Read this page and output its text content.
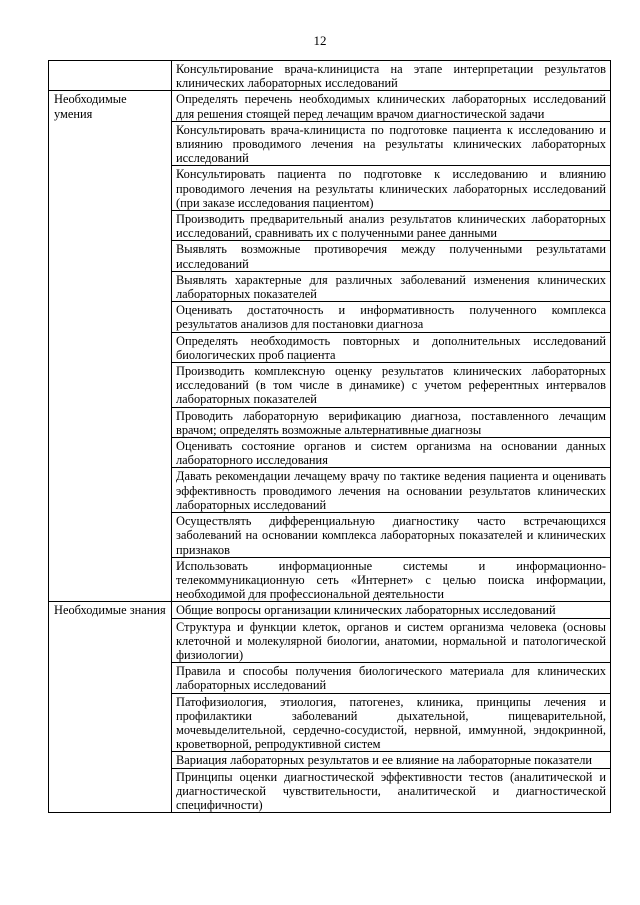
12
	Консультирование врача-клинициста на этапе интерпретации результатов клинических лабораторных исследований
Необходимые умения	Определять перечень необходимых клинических лабораторных исследований для решения стоящей перед лечащим врачом диагностической задачи
	Консультировать врача-клинициста по подготовке пациента к исследованию и влиянию проводимого лечения на результаты клинических лабораторных исследований
	Консультировать пациента по подготовке к исследованию и влиянию проводимого лечения на результаты клинических лабораторных исследований (при заказе исследования пациентом)
	Производить предварительный анализ результатов клинических лабораторных исследований, сравнивать их с полученными ранее данными
	Выявлять возможные противоречия между полученными результатами исследований
	Выявлять характерные для различных заболеваний изменения клинических лабораторных показателей
	Оценивать достаточность и информативность полученного комплекса результатов анализов для постановки диагноза
	Определять необходимость повторных и дополнительных исследований биологических проб пациента
	Производить комплексную оценку результатов клинических лабораторных исследований (в том числе в динамике) с учетом референтных интервалов лабораторных показателей
	Проводить лабораторную верификацию диагноза, поставленного лечащим врачом; определять возможные альтернативные диагнозы
	Оценивать состояние органов и систем организма на основании данных лабораторного исследования
	Давать рекомендации лечащему врачу по тактике ведения пациента и оценивать эффективность проводимого лечения на основании результатов клинических лабораторных исследований
	Осуществлять дифференциальную диагностику часто встречающихся заболеваний на основании комплекса лабораторных показателей и клинических признаков
	Использовать информационные системы и информационно-телекоммуникационную сеть «Интернет» с целью поиска информации, необходимой для профессиональной деятельности
Необходимые знания	Общие вопросы организации клинических лабораторных исследований
	Структура и функции клеток, органов и систем организма человека (основы клеточной и молекулярной биологии, анатомии, нормальной и патологической физиологии)
	Правила и способы получения биологического материала для клинических лабораторных исследований
	Патофизиология, этиология, патогенез, клиника, принципы лечения и профилактики заболеваний дыхательной, пищеварительной, мочевыделительной, сердечно-сосудистой, нервной, иммунной, эндокринной, кроветворной, репродуктивной систем
	Вариация лабораторных результатов и ее влияние на лабораторные показатели
	Принципы оценки диагностической эффективности тестов (аналитической и диагностической чувствительности, аналитической и диагностической специфичности)
